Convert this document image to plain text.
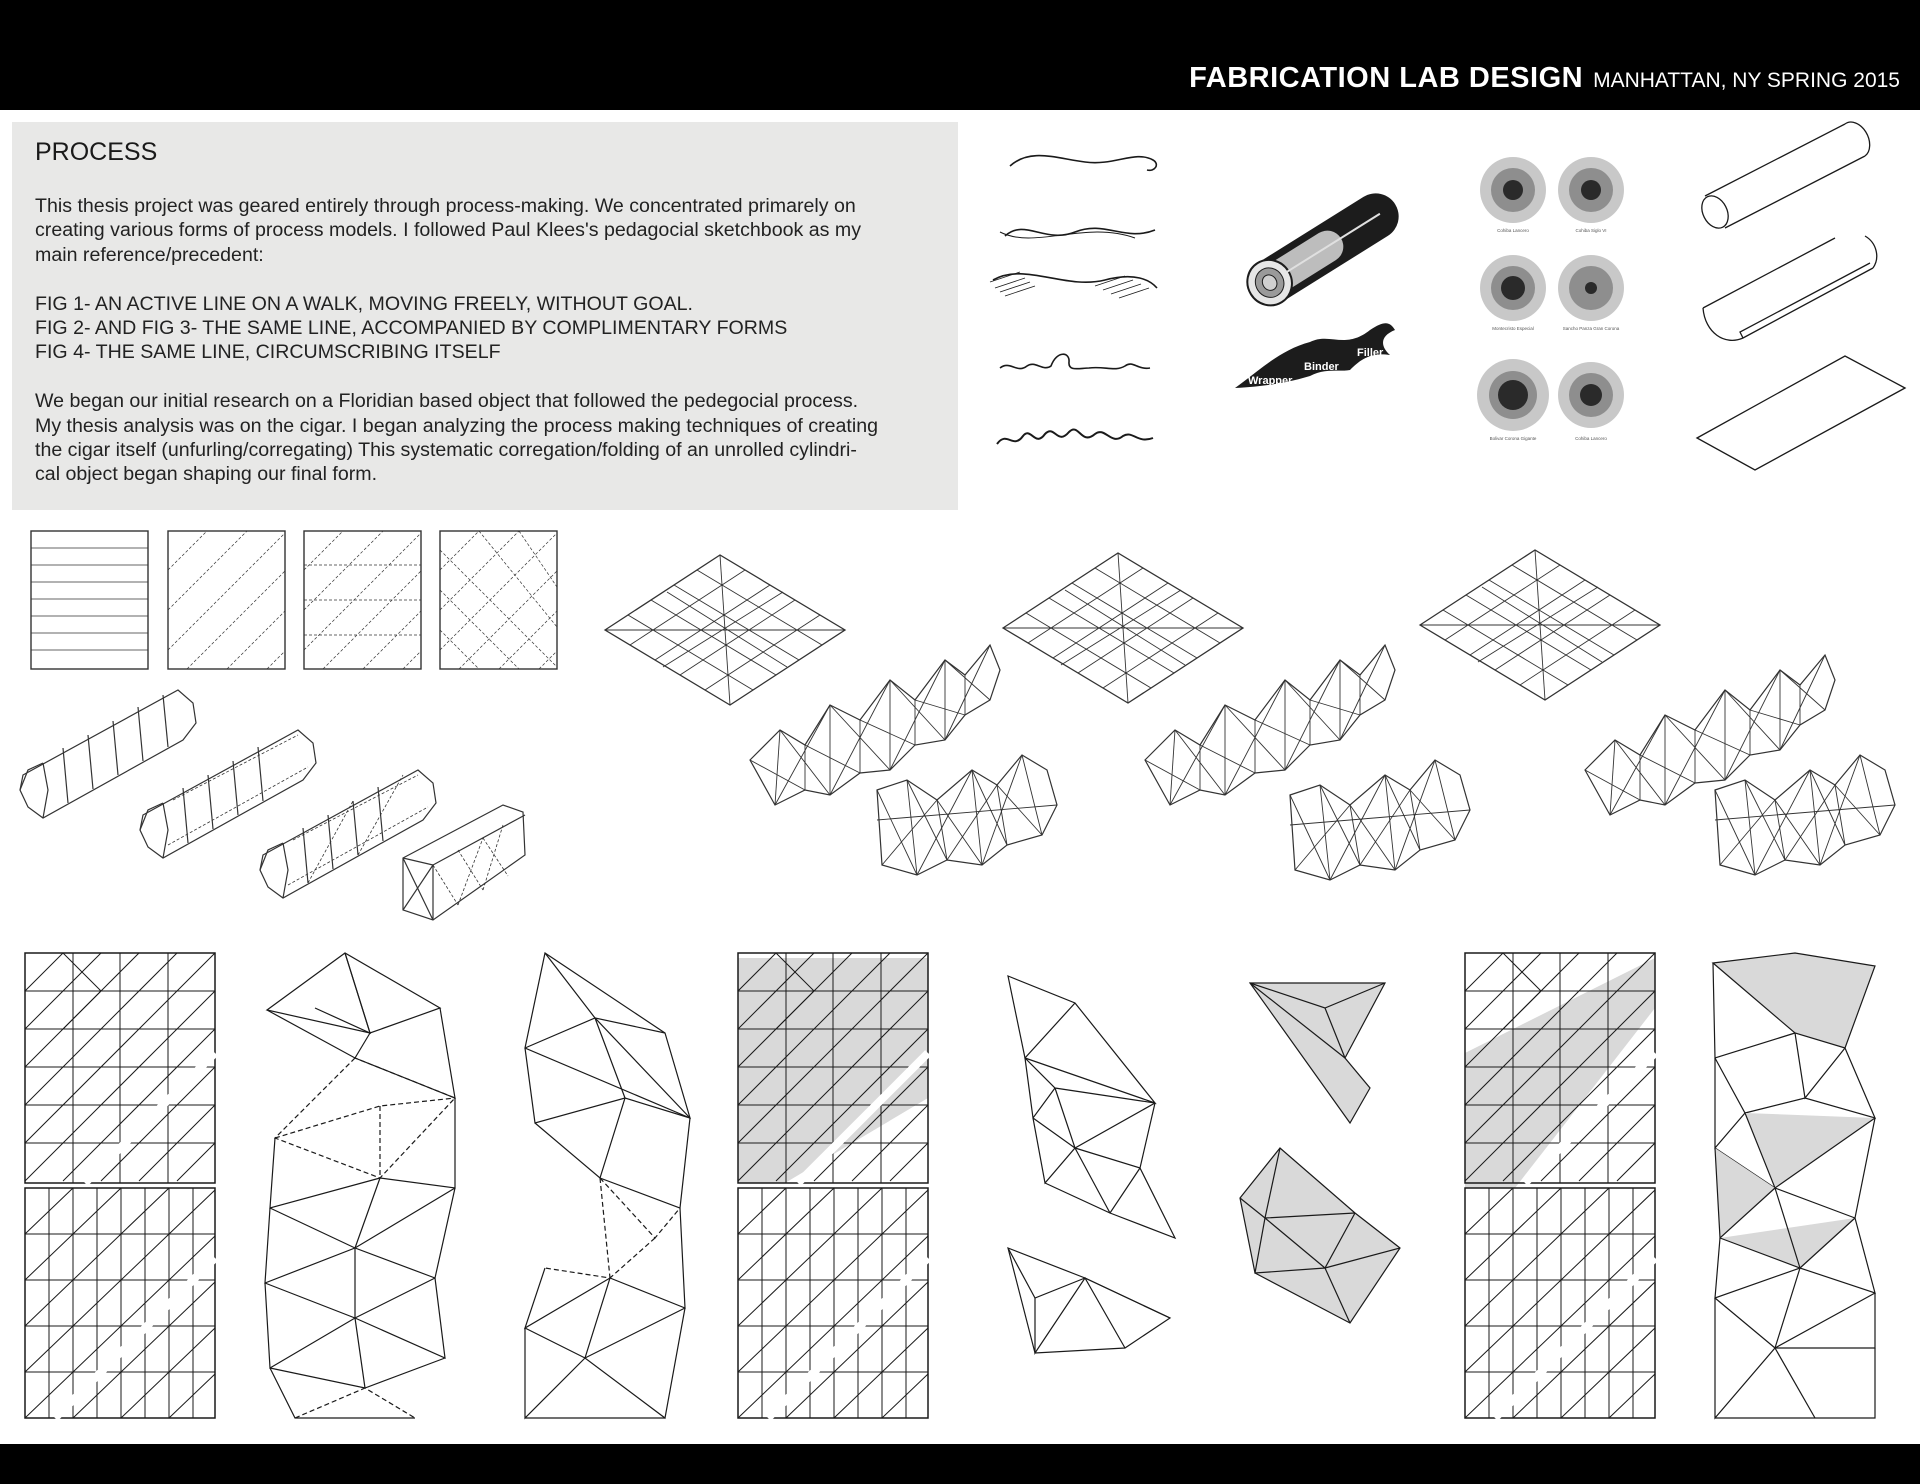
FABRICATION LAB DESIGN MANHATTAN, NY SPRING 2015
PROCESS

This thesis project was geared entirely through process-making. We concentrated primarely on

creating various forms of process models. I followed Paul Klees's pedagocial sketchbook as my

main reference/precedent:

FIG 1- AN ACTIVE LINE ON A WALK, MOVING FREELY, WITHOUT GOAL.

FIG 2- AND FIG 3- THE SAME LINE, ACCOMPANIED BY COMPLIMENTARY FORMS

FIG 4- THE SAME LINE, CIRCUMSCRIBING ITSELF

We began our initial research on a Floridian based object that followed the pedegocial process.

My thesis analysis was on the cigar. I began analyzing the process making techniques of creating

the cigar itself (unfurling/corregating) This systematic corregation/folding of an unrolled cylindri-

cal object began shaping our final form.

Filler
Binder
Wrapper
Cohiba Lancero	Cohiba Siglo VI
Montecristo Especial	Sancho Panza Gran Corona
Bolivar Corona Gigante	Cohiba Lancero
